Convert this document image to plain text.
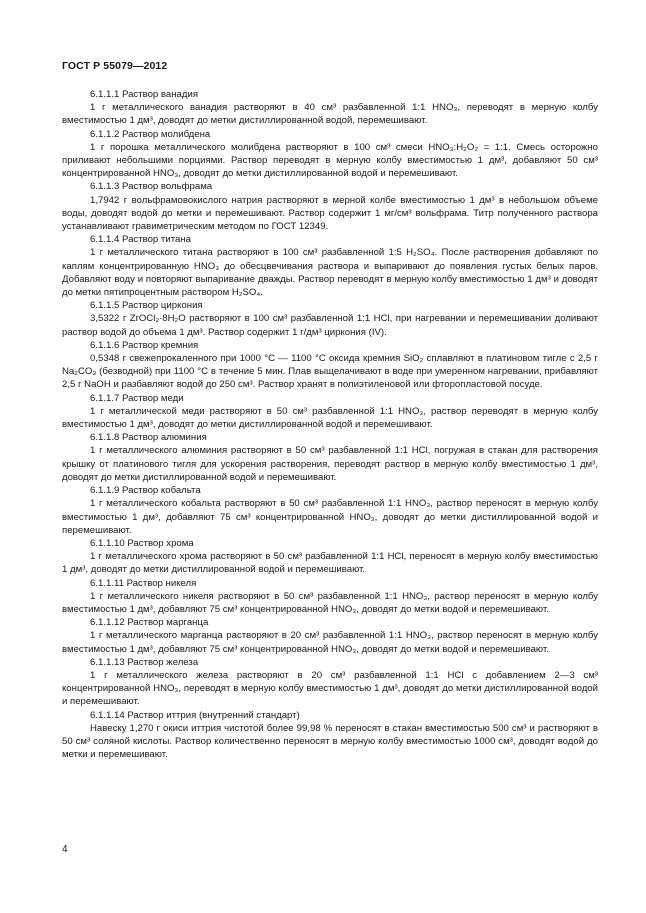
ГОСТ Р 55079—2012

6.1.1.1 Раствор ванадия

1 г металлического ванадия растворяют в 40 см³ разбавленной 1:1 HNO₃, переводят в мерную колбу вместимостью 1 дм³, доводят до метки дистиллированной водой, перемешивают.

6.1.1.2 Раствор молибдена

1 г порошка металлического молибдена растворяют в 100 см³ смеси HNO₃:H₂O₂ = 1:1. Смесь осторожно приливают небольшими порциями. Раствор переводят в мерную колбу вместимостью 1 дм³, добавляют 50 см³ концентрированной HNO₃, доводят до метки дистиллированной водой и перемешивают.

6.1.1.3 Раствор вольфрама

1,7942 г вольфрамовокислого натрия растворяют в мерной колбе вместимостью 1 дм³ в небольшом объеме воды, доводят водой до метки и перемешивают. Раствор содержит 1 мг/см³ вольфрама. Титр полученного раствора устанавливают гравиметрическим методом по ГОСТ 12349.

6.1.1.4 Раствор титана

1 г металлического титана растворяют в 100 см³ разбавленной 1:5 H₂SO₄. После растворения добавляют по каплям концентрированную HNO₃ до обесцвечивания раствора и выпаривают до появления густых белых паров. Добавляют воду и повторяют выпаривание дважды. Раствор переводят в мерную колбу вместимостью 1 дм³ и доводят до метки пятипроцентным раствором H₂SO₄.

6.1.1.5 Раствор циркония

3,5322 г ZrOCl₂·8H₂O растворяют в 100 см³ разбавленной 1:1 HCl, при нагревании и перемешивании доливают раствор водой до объема 1 дм³. Раствор содержит 1 г/дм³ циркония (IV).

6.1.1.6 Раствор кремния

0,5348 г свежепрокаленного при 1000 °С — 1100 °С оксида кремния SiO₂ сплавляют в платиновом тигле с 2,5 г Na₂CO₃ (безводной) при 1100 °С в течение 5 мин. Плав выщелачивают в воде при умеренном нагревании, прибавляют 2,5 г NaOH и разбавляют водой до 250 см³. Раствор хранят в полиэтиленовой или фторопластовой посуде.

6.1.1.7 Раствор меди

1 г металлической меди растворяют в 50 см³ разбавленной 1:1 HNO₃, раствор переводят в мерную колбу вместимостью 1 дм³, доводят до метки дистиллированной водой и перемешивают.

6.1.1.8 Раствор алюминия

1 г металлического алюминия растворяют в 50 см³ разбавленной 1:1 HCl, погружая в стакан для растворения крышку от платинового тигля для ускорения растворения, переводят раствор в мерную колбу вместимостью 1 дм³, доводят до метки дистиллированной водой и перемешивают.

6.1.1.9 Раствор кобальта

1 г металлического кобальта растворяют в 50 см³ разбавленной 1:1 HNO₃, раствор переносят в мерную колбу вместимостью 1 дм³, добавляют 75 см³ концентрированной HNO₃, доводят до метки дистиллированной водой и перемешивают.

6.1.1.10 Раствор хрома

1 г металлического хрома растворяют в 50 см³ разбавленной 1:1 HCl, переносят в мерную колбу вместимостью 1 дм³, доводят до метки дистиллированной водой и перемешивают.

6.1.1.11 Раствор никеля

1 г металлического никеля растворяют в 50 см³ разбавленной 1:1 HNO₃, раствор переносят в мерную колбу вместимостью 1 дм³, добавляют 75 см³ концентрированной HNO₃, доводят до метки водой и перемешивают.

6.1.1.12 Раствор марганца

1 г металлического марганца растворяют в 20 см³ разбавленной 1:1 HNO₃, раствор переносят в мерную колбу вместимостью 1 дм³, добавляют 75 см³ концентрированной HNO₃, доводят до метки водой и перемешивают.

6.1.1.13 Раствор железа

1 г металлического железа растворяют в 20 см³ разбавленной 1:1 HCl с добавлением 2—3 см³ концентрированной HNO₃, переводят в мерную колбу вместимостью 1 дм³, доводят до метки дистиллированной водой и перемешивают.

6.1.1.14 Раствор иттрия (внутренний стандарт)

Навеску 1,270 г окиси иттрия чистотой более 99,98 % переносят в стакан вместимостью 500 см³ и растворяют в 50 см³ соляной кислоты. Раствор количественно переносят в мерную колбу вместимостью 1000 см³, доводят водой до метки и перемешивают.

4
